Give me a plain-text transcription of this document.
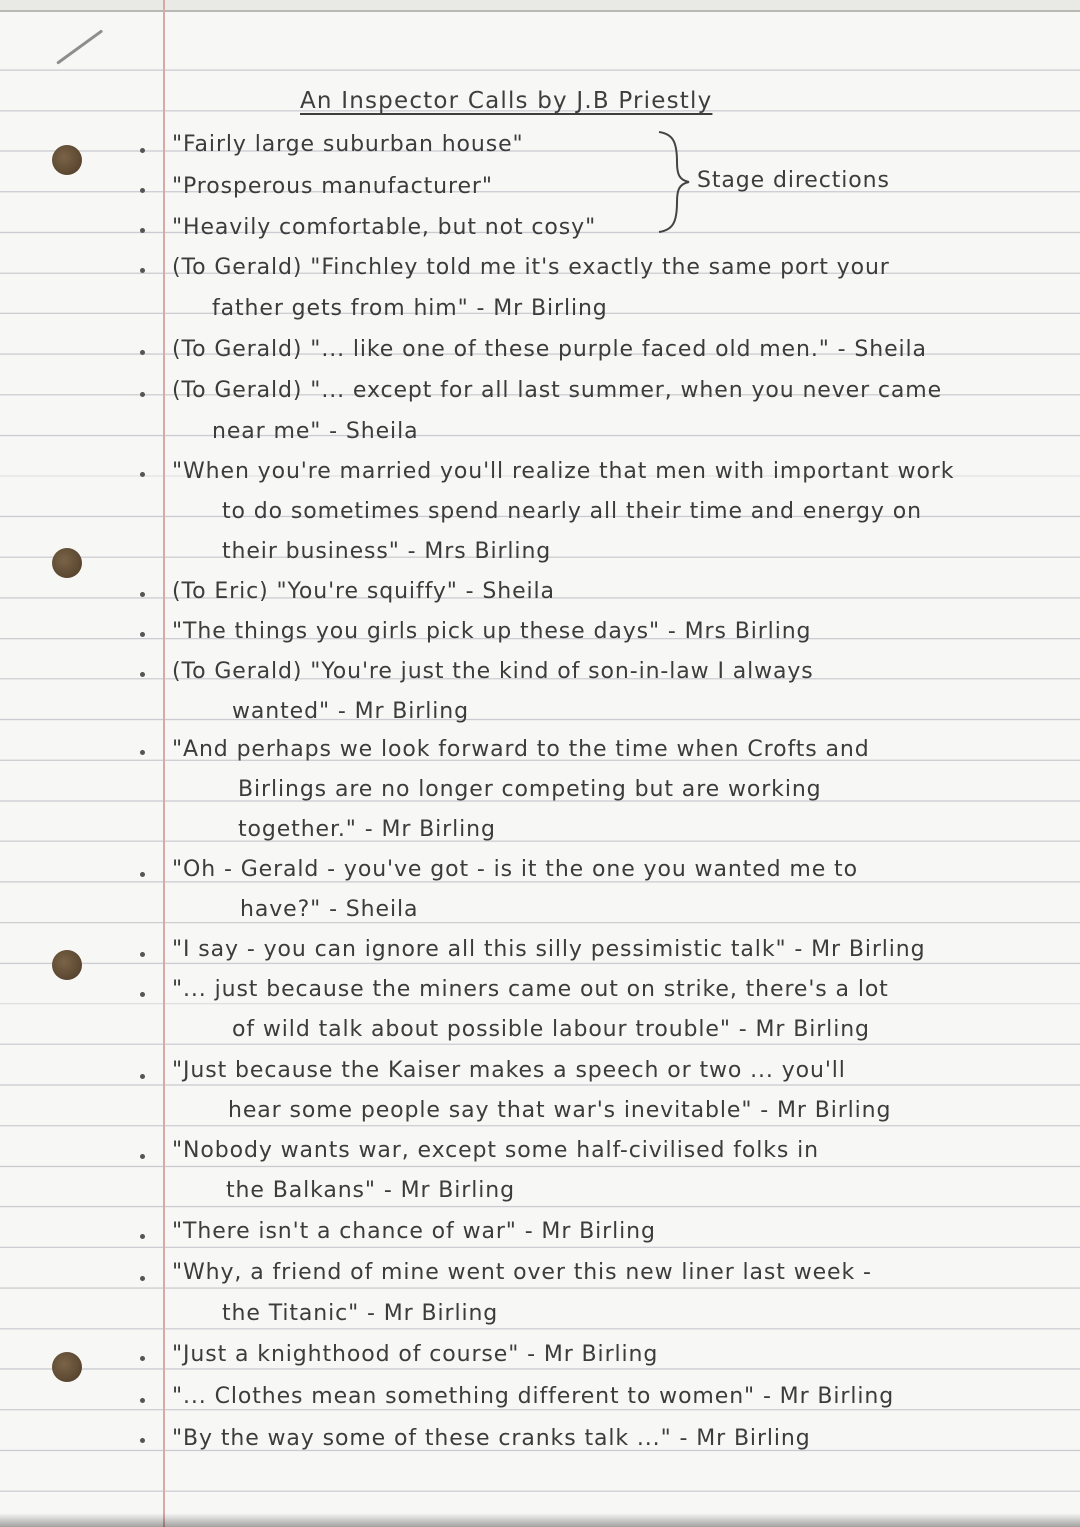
An Inspector Calls by J.B Priestly
Stage directions
"Fairly large suburban house"
"Prosperous manufacturer"
"Heavily comfortable, but not cosy"
(To Gerald) "Finchley told me it's exactly the same port your
father gets from him" - Mr Birling
(To Gerald) "... like one of these purple faced old men." - Sheila
(To Gerald) "... except for all last summer, when you never came
near me" - Sheila
"When you're married you'll realize that men with important work
to do sometimes spend nearly all their time and energy on
their business" - Mrs Birling
(To Eric) "You're squiffy" - Sheila
"The things you girls pick up these days" - Mrs Birling
(To Gerald) "You're just the kind of son-in-law I always
wanted" - Mr Birling
"And perhaps we look forward to the time when Crofts and
Birlings are no longer competing but are working
together." - Mr Birling
"Oh - Gerald - you've got - is it the one you wanted me to
have?" - Sheila
"I say - you can ignore all this silly pessimistic talk" - Mr Birling
"... just because the miners came out on strike, there's a lot
of wild talk about possible labour trouble" - Mr Birling
"Just because the Kaiser makes a speech or two ... you'll
hear some people say that war's inevitable" - Mr Birling
"Nobody wants war, except some half-civilised folks in
the Balkans" - Mr Birling
"There isn't a chance of war" - Mr Birling
"Why, a friend of mine went over this new liner last week -
the Titanic" - Mr Birling
"Just a knighthood of course" - Mr Birling
"... Clothes mean something different to women" - Mr Birling
"By the way some of these cranks talk ..." - Mr Birling
